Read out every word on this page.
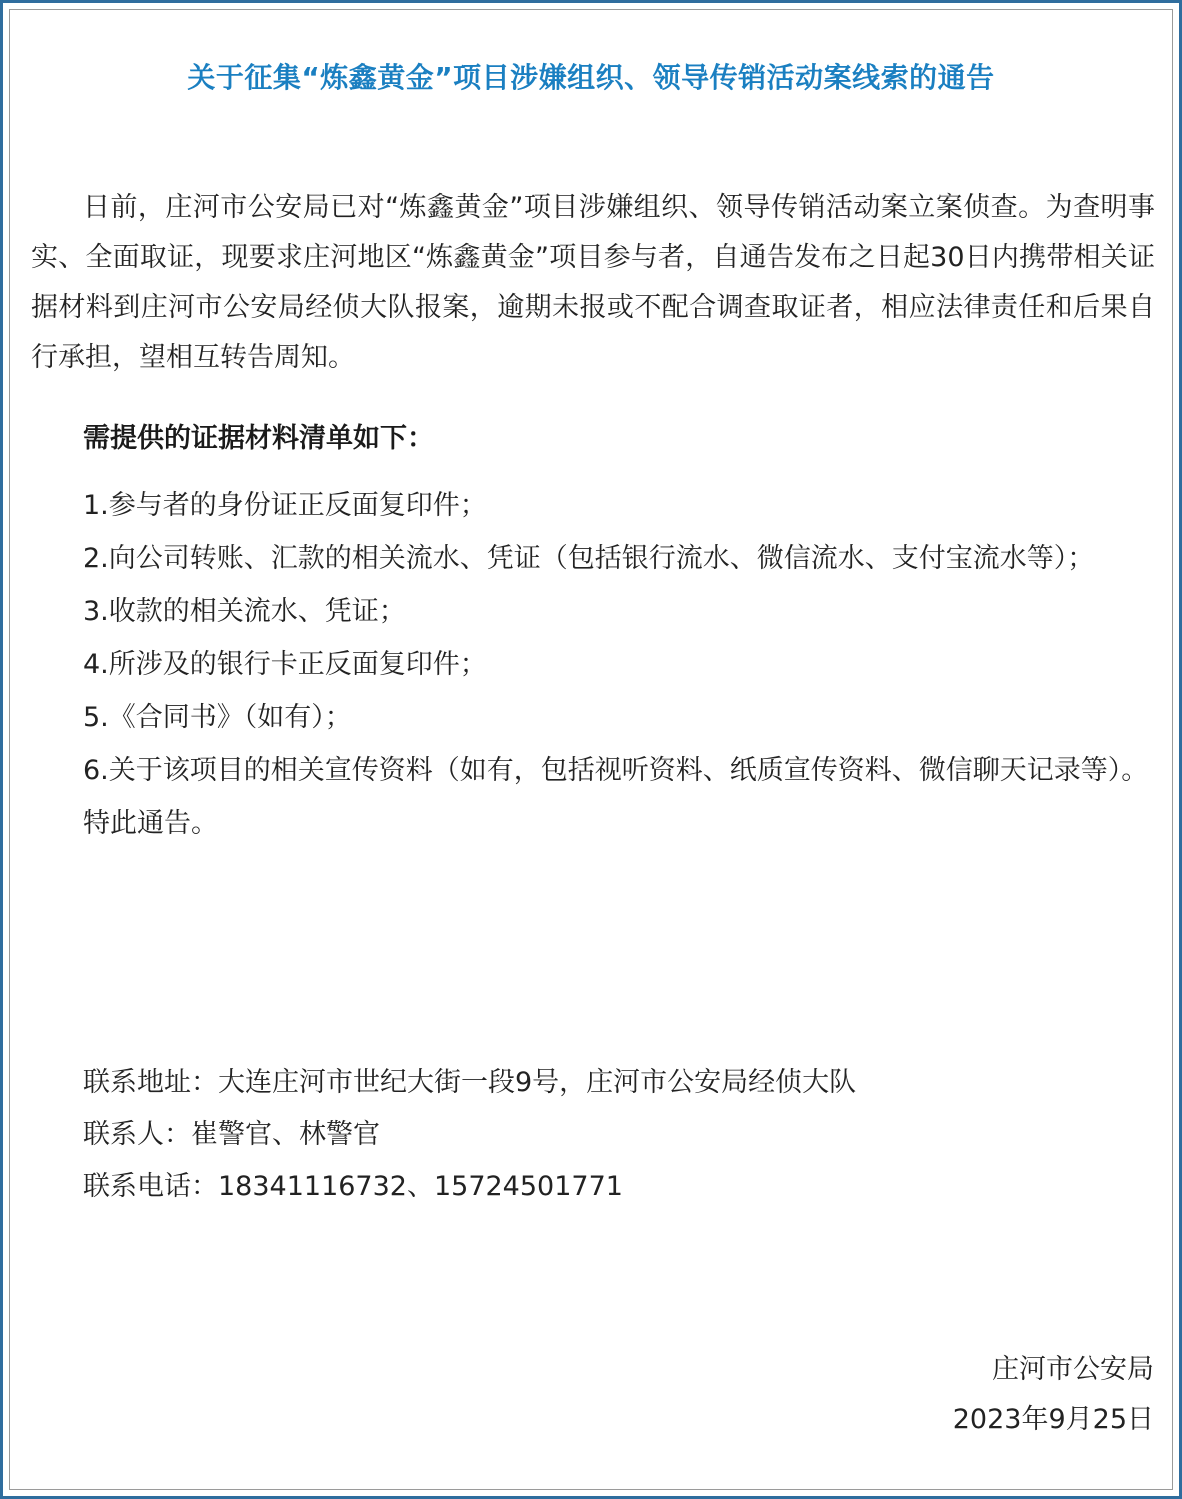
关于征集“炼鑫黄金”项目涉嫌组织、领导传销活动案线索的通告

日前，庄河市公安局已对“炼鑫黄金”项目涉嫌组织、领导传销活动案立案侦查。为查明事实、全面取证，现要求庄河地区“炼鑫黄金”项目参与者，自通告发布之日起30日内携带相关证据材料到庄河市公安局经侦大队报案，逾期未报或不配合调查取证者，相应法律责任和后果自行承担，望相互转告周知。

需提供的证据材料清单如下：

1.参与者的身份证正反面复印件；

2.向公司转账、汇款的相关流水、凭证（包括银行流水、微信流水、支付宝流水等）；

3.收款的相关流水、凭证；

4.所涉及的银行卡正反面复印件；

5.《合同书》（如有）；

6.关于该项目的相关宣传资料（如有，包括视听资料、纸质宣传资料、微信聊天记录等）。

特此通告。

联系地址：大连庄河市世纪大街一段9号，庄河市公安局经侦大队

联系人：崔警官、林警官

联系电话：18341116732、15724501771

庄河市公安局
2023年9月25日
